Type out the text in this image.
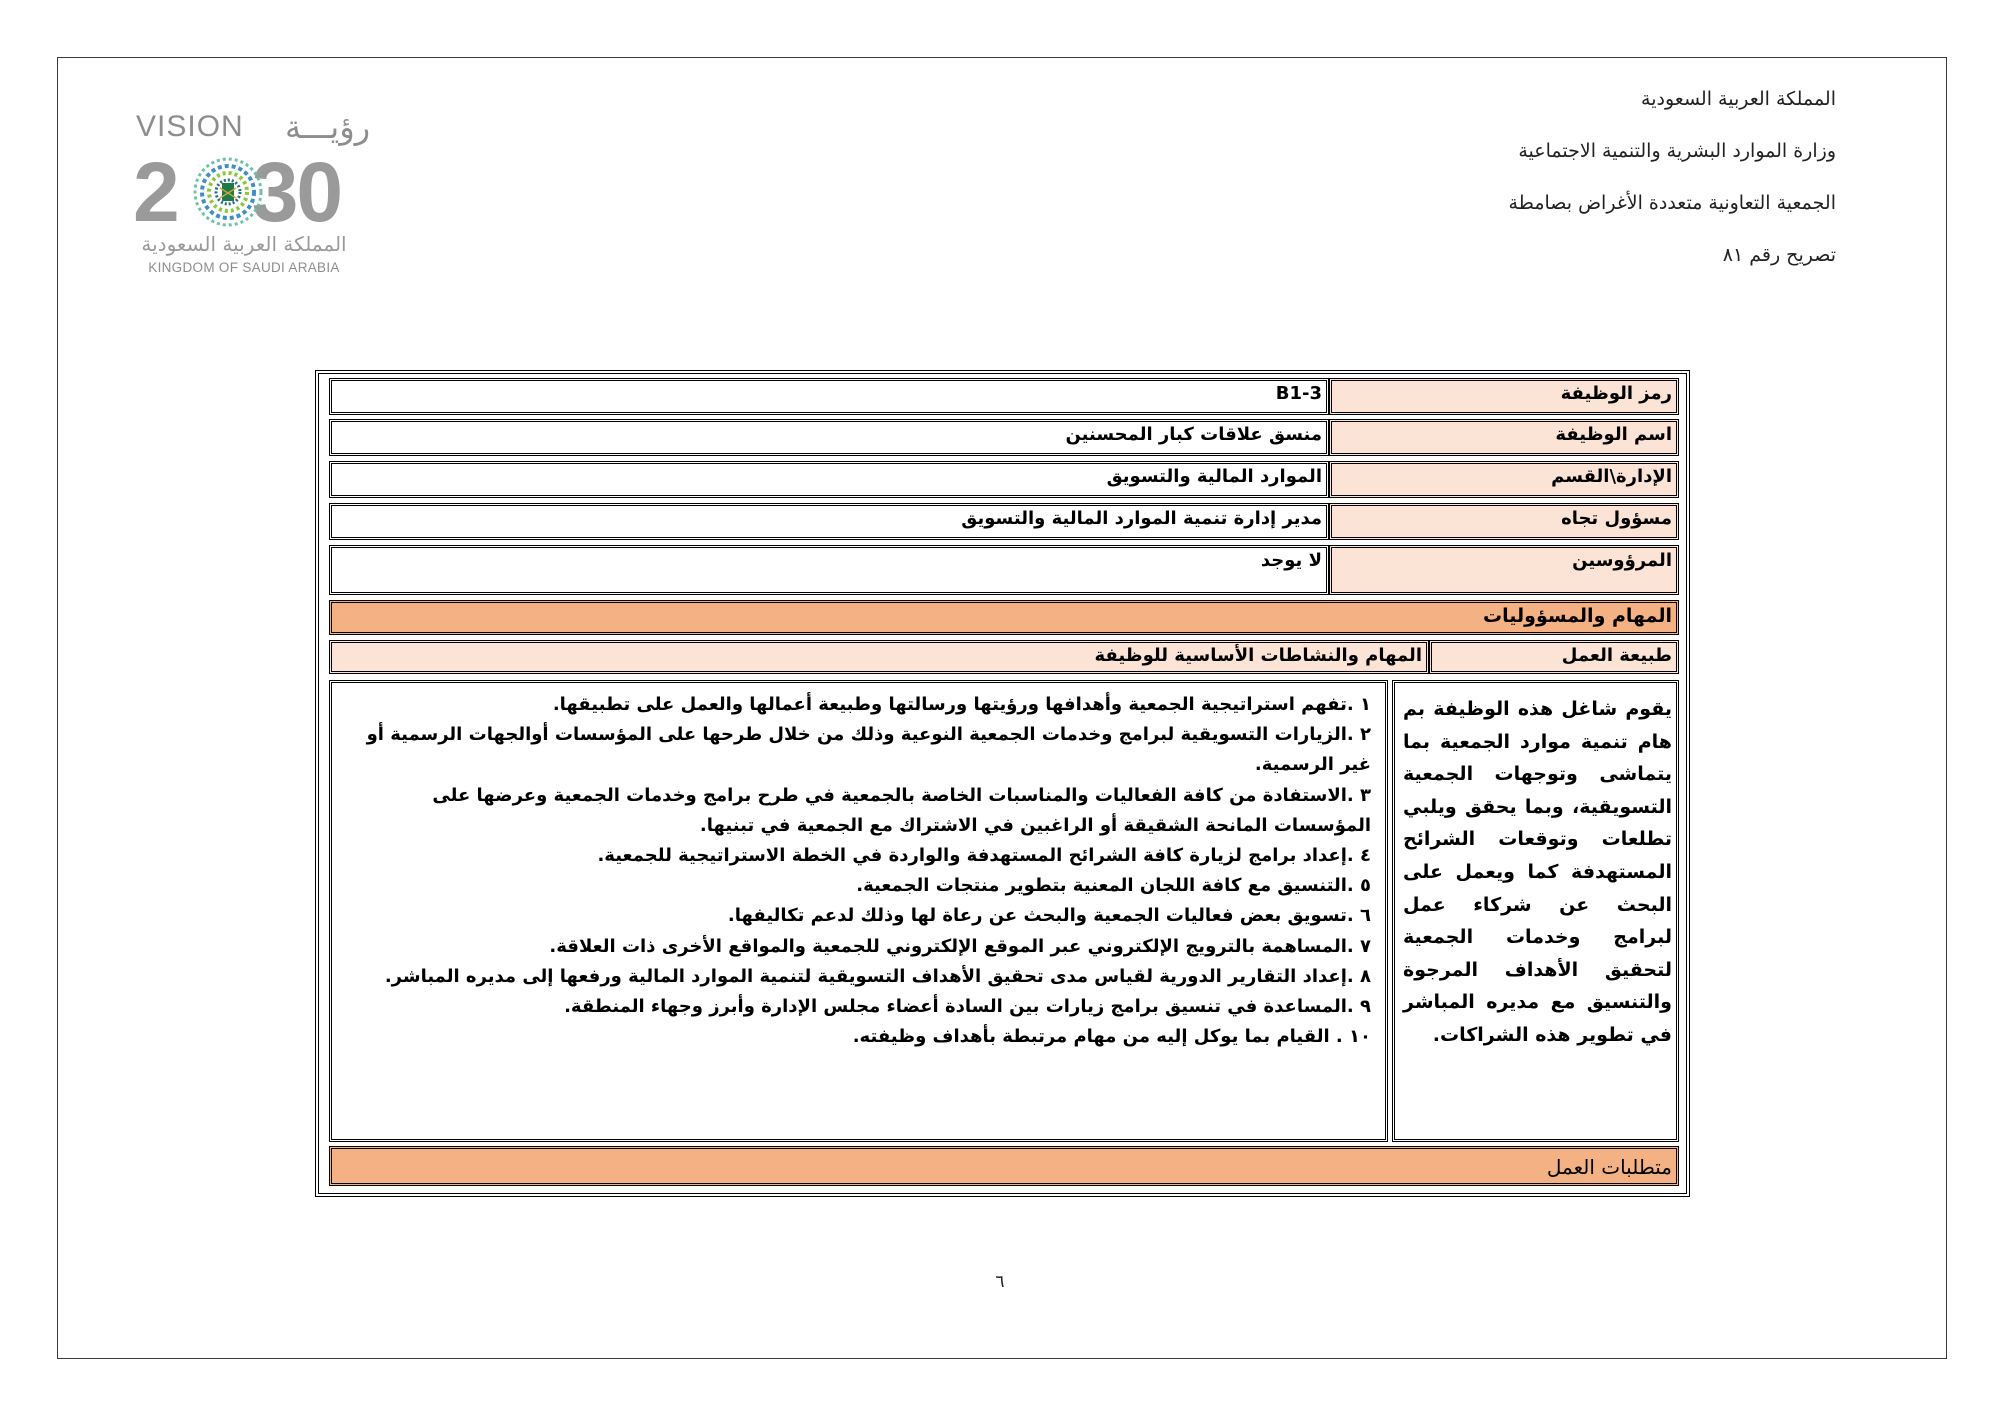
المملكة العربية السعودية
وزارة الموارد البشرية والتنمية الاجتماعية
الجمعية التعاونية متعددة الأغراض بصامطة
تصريح رقم ٨١
VISION رؤيـــة
2 30
المملكة العربية السعودية
KINGDOM OF SAUDI ARABIA
رمز الوظيفة
B1-3
اسم الوظيفة
منسق علاقات كبار المحسنين
الإدارة\القسم
الموارد المالية والتسويق
مسؤول تجاه
مدير إدارة تنمية الموارد المالية والتسويق
المرؤوسين
لا يوجد
المهام والمسؤوليات
طبيعة العمل
المهام والنشاطات الأساسية للوظيفة
يقوم شاغل هذه الوظيفة بم هام تنمية موارد الجمعية بما يتماشى وتوجهات الجمعية التسويقية، وبما يحقق ويلبي تطلعات وتوقعات الشرائح المستهدفة كما ويعمل على البحث عن شركاء عمل لبرامج وخدمات الجمعية لتحقيق الأهداف المرجوة والتنسيق مع مديره المباشر في تطوير هذه الشراكات.
١ .تفهم استراتيجية الجمعية وأهدافها ورؤيتها ورسالتها وطبيعة أعمالها والعمل على تطبيقها.
٢ .الزيارات التسويقية لبرامج وخدمات الجمعية النوعية وذلك من خلال طرحها على المؤسسات أوالجهات الرسمية أو غير الرسمية.
٣ .الاستفادة من كافة الفعاليات والمناسبات الخاصة بالجمعية في طرح برامج وخدمات الجمعية وعرضها على المؤسسات المانحة الشقيقة أو الراغبين في الاشتراك مع الجمعية في تبنيها.
٤ .إعداد برامج لزيارة كافة الشرائح المستهدفة والواردة في الخطة الاستراتيجية للجمعية.
٥ .التنسيق مع كافة اللجان المعنية بتطوير منتجات الجمعية.
٦ .تسويق بعض فعاليات الجمعية والبحث عن رعاة لها وذلك لدعم تكاليفها.
٧ .المساهمة بالترويج الإلكتروني عبر الموقع الإلكتروني للجمعية والمواقع الأخرى ذات العلاقة.
٨ .إعداد التقارير الدورية لقياس مدى تحقيق الأهداف التسويقية لتنمية الموارد المالية ورفعها إلى مديره المباشر.
٩ .المساعدة في تنسيق برامج زيارات بين السادة أعضاء مجلس الإدارة وأبرز وجهاء المنطقة.
١٠ . القيام بما يوكل إليه من مهام مرتبطة بأهداف وظيفته.
متطلبات العمل
٦
